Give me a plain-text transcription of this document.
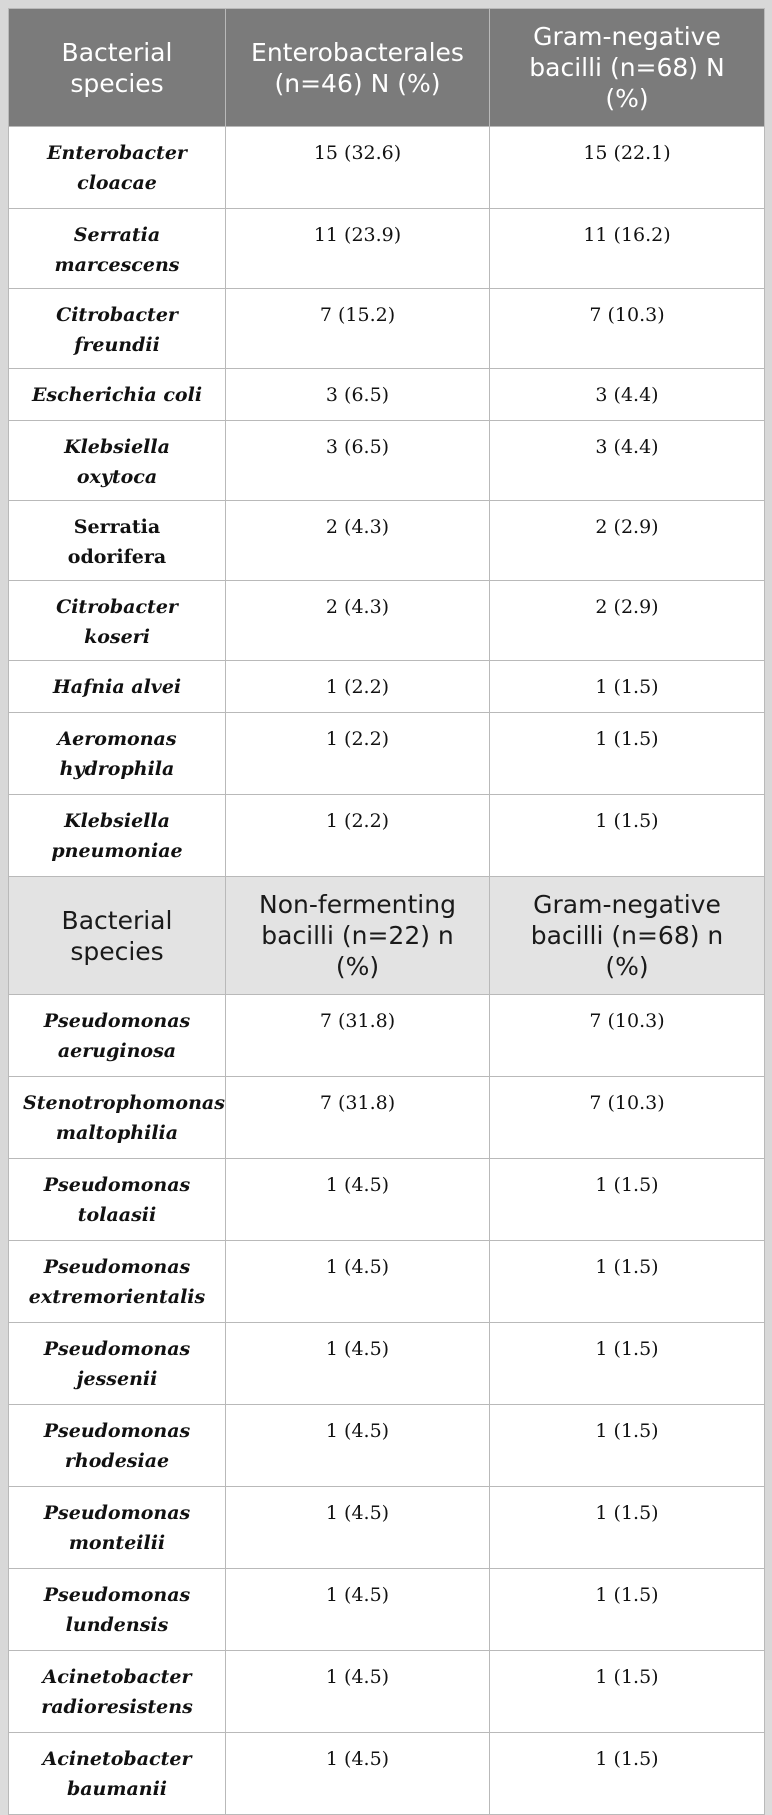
Bacterial species	Enterobacterales (n=46) N (%)	Gram-negative bacilli (n=68) N (%)

Enterobacter cloacae	15 (32.6)	15 (22.1)
Serratia marcescens	11 (23.9)	11 (16.2)
Citrobacter freundii	7 (15.2)	7 (10.3)
Escherichia coli	3 (6.5)	3 (4.4)
Klebsiella oxytoca	3 (6.5)	3 (4.4)
Serratia odorifera	2 (4.3)	2 (2.9)
Citrobacter koseri	2 (4.3)	2 (2.9)
Hafnia alvei	1 (2.2)	1 (1.5)
Aeromonas hydrophila	1 (2.2)	1 (1.5)
Klebsiella pneumoniae	1 (2.2)	1 (1.5)

Bacterial species	Non-fermenting bacilli (n=22) n (%)	Gram-negative bacilli (n=68) n (%)

Pseudomonas aeruginosa	7 (31.8)	7 (10.3)
Stenotrophomonas maltophilia	7 (31.8)	7 (10.3)
Pseudomonas tolaasii	1 (4.5)	1 (1.5)
Pseudomonas extremorientalis	1 (4.5)	1 (1.5)
Pseudomonas jessenii	1 (4.5)	1 (1.5)
Pseudomonas rhodesiae	1 (4.5)	1 (1.5)
Pseudomonas monteilii	1 (4.5)	1 (1.5)
Pseudomonas lundensis	1 (4.5)	1 (1.5)
Acinetobacter radioresistens	1 (4.5)	1 (1.5)
Acinetobacter baumanii	1 (4.5)	1 (1.5)
